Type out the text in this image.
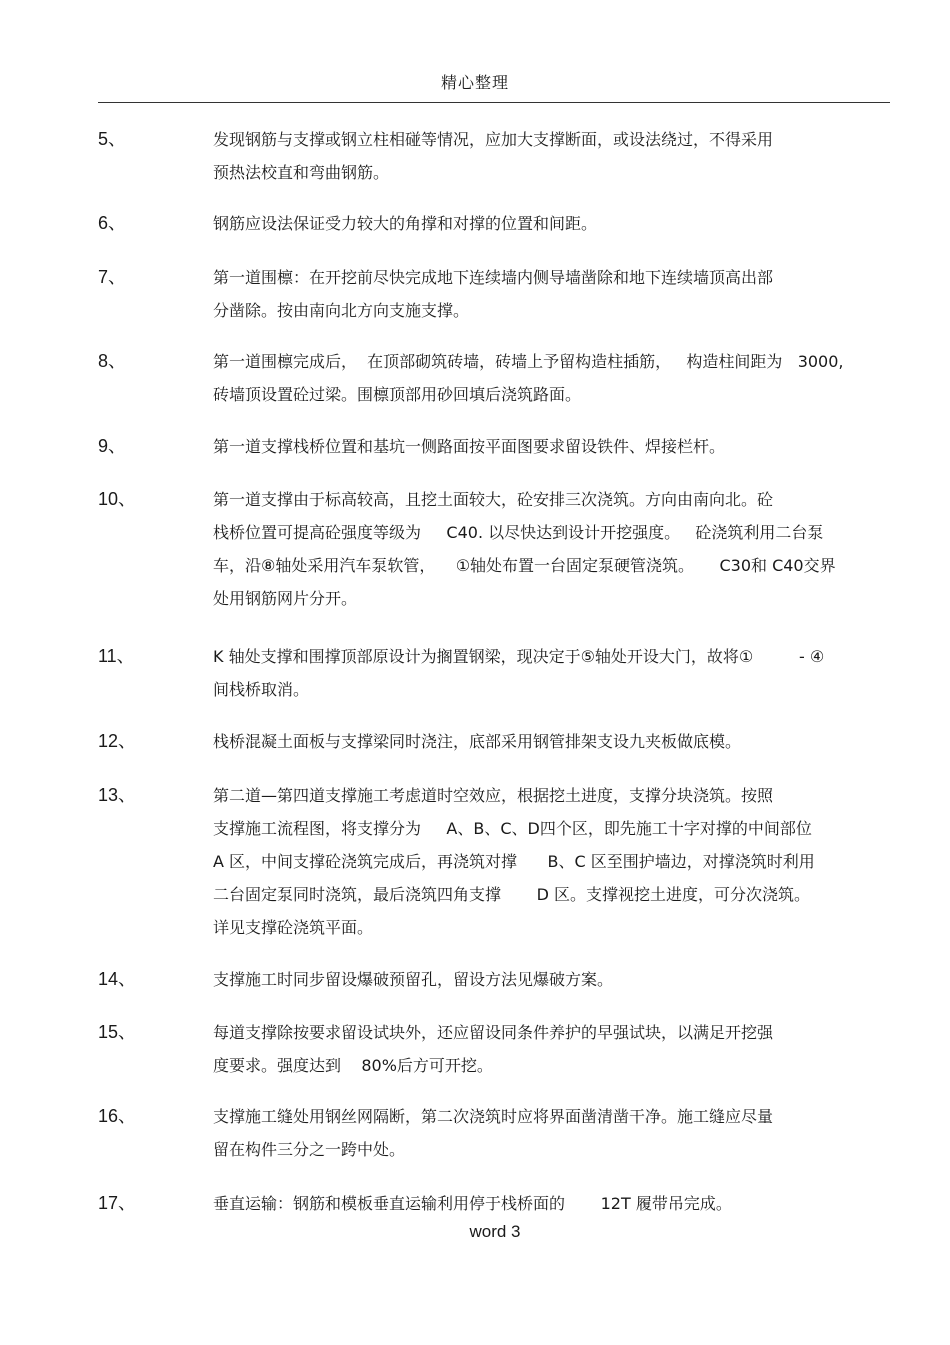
精心整理
5、	发现钢筋与支撑或钢立柱相碰等情况，应加大支撑断面，或设法绕过，不得采用
预热法校直和弯曲钢筋。
6、	钢筋应设法保证受力较大的角撑和对撑的位置和间距。
7、	第一道围檩：在开挖前尽快完成地下连续墙内侧导墙凿除和地下连续墙顶高出部
分凿除。按由南向北方向支施支撑。
8、	第一道围檩完成后，  在顶部砌筑砖墙，砖墙上予留构造柱插筋，   构造柱间距为   3000,
砖墙顶设置砼过梁。围檩顶部用砂回填后浇筑路面。
9、	第一道支撑栈桥位置和基坑一侧路面按平面图要求留设铁件、焊接栏杆。
10、	第一道支撑由于标高较高，且挖土面较大，砼安排三次浇筑。方向由南向北。砼
栈桥位置可提高砼强度等级为     C40. 以尽快达到设计开挖强度。   砼浇筑利用二台泵
车，沿⑧轴处采用汽车泵软管，    ①轴处布置一台固定泵硬管浇筑。     C30和 C40交界
处用钢筋网片分开。
11、	K 轴处支撑和围撑顶部原设计为搁置钢梁，现决定于⑤轴处开设大门，故将①         - ④
间栈桥取消。
12、	栈桥混凝土面板与支撑梁同时浇注，底部采用钢管排架支设九夹板做底模。
13、	第二道—第四道支撑施工考虑道时空效应，根据挖土进度，支撑分块浇筑。按照
支撑施工流程图，将支撑分为     A、B、C、D四个区，即先施工十字对撑的中间部位
A 区，中间支撑砼浇筑完成后，再浇筑对撑      B、C 区至围护墙边，对撑浇筑时利用
二台固定泵同时浇筑，最后浇筑四角支撑       D 区。支撑视挖土进度，可分次浇筑。
详见支撑砼浇筑平面。
14、	支撑施工时同步留设爆破预留孔，留设方法见爆破方案。
15、	每道支撑除按要求留设试块外，还应留设同条件养护的早强试块，以满足开挖强
度要求。强度达到    80%后方可开挖。
16、	支撑施工缝处用钢丝网隔断，第二次浇筑时应将界面凿清凿干净。施工缝应尽量
留在构件三分之一跨中处。
17、	垂直运输：钢筋和模板垂直运输利用停于栈桥面的       12T 履带吊完成。
word 3
